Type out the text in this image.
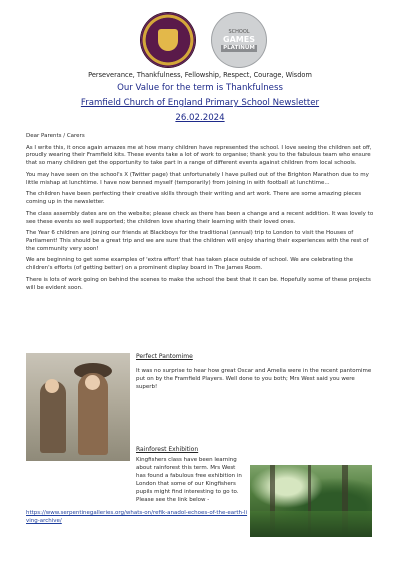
SCHOOL
GAMES
PLATINUM
Perseverance, Thankfulness, Fellowship, Respect, Courage, Wisdom
Our Value for the term is Thankfulness
Framfield Church of England Primary School Newsletter
26.02.2024

Dear Parents / Carers

As I write this, it once again amazes me at how many children have represented the school. I love seeing the children set off, proudly wearing their Framfield kits. These events take a lot of work to organise; thank you to the fabulous team who ensure that so many children get the opportunity to take part in a range of different events against children from local schools.

You may have seen on the school's X (Twitter page) that unfortunately I have pulled out of the Brighton Marathon due to my little mishap at lunchtime. I have now benned myself (temporarily) from joining in with football at lunchtime...

The children have been perfecting their creative skills through their writing and art work. There are some amazing pieces coming up in the newsletter.

The class assembly dates are on the website; please check as there has been a change and a recent addition. It was lovely to see these events so well supported; the children love sharing their learning with their loved ones.

The Year 6 children are joining our friends at Blackboys for the traditional (annual) trip to London to visit the Houses of Parliament! This should be a great trip and we are sure that the children will enjoy sharing their experiences with the rest of the community very soon!

We are beginning to get some examples of 'extra effort' that has taken place outside of school. We are celebrating the children's efforts (of getting better) on a prominent display board in The James Room.

There is lots of work going on behind the scenes to make the school the best that it can be. Hopefully some of these projects will be evident soon.

Perfect Pantomime
It was no surprise to hear how great Oscar and Amelia were in the recent pantomime put on by the Framfield Players. Well done to you both; Mrs West said you were superb!
Rainforest Exhibition
Kingfishers class have been learning about rainforest this term. Mrs West has found a fabulous free exhibition in London that some of our Kingfishers pupils might find interesting to go to. Please see the link below -
https://www.serpentinegalleries.org/whats-on/refik-anadol-echoes-of-the-earth-living-archive/
